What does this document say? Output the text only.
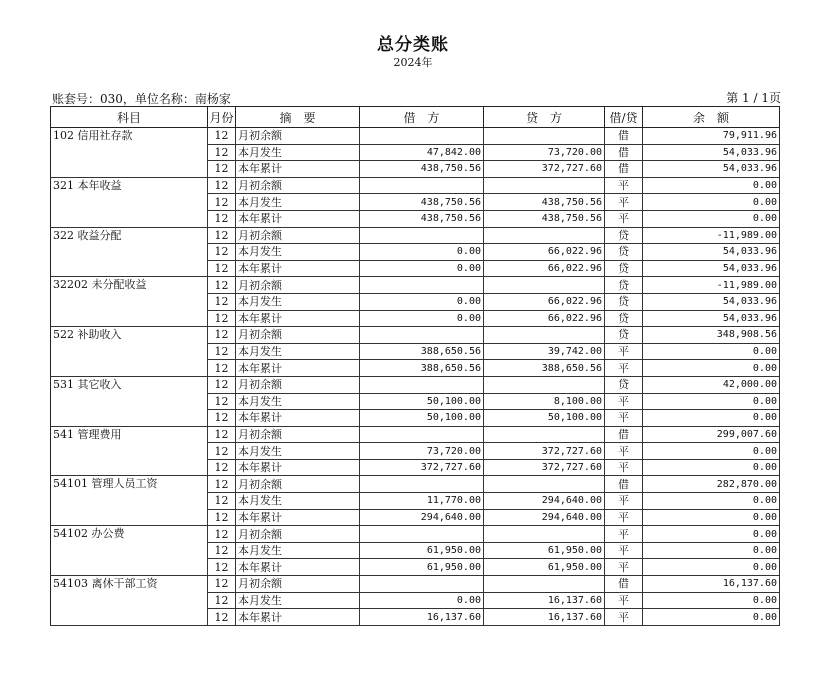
总分类账
2024年
账套号：030，单位名称：南杨家	第 1 / 1页
科目	月份	摘　要	借　方	贷　方	借/贷	余　额
102 信用社存款	12	月初余额			借	79,911.96
	12	本月发生	47,842.00	73,720.00	借	54,033.96
	12	本年累计	438,750.56	372,727.60	借	54,033.96
321 本年收益	12	月初余额			平	0.00
	12	本月发生	438,750.56	438,750.56	平	0.00
	12	本年累计	438,750.56	438,750.56	平	0.00
322 收益分配	12	月初余额			贷	-11,989.00
	12	本月发生	0.00	66,022.96	贷	54,033.96
	12	本年累计	0.00	66,022.96	贷	54,033.96
32202 未分配收益	12	月初余额			贷	-11,989.00
	12	本月发生	0.00	66,022.96	贷	54,033.96
	12	本年累计	0.00	66,022.96	贷	54,033.96
522 补助收入	12	月初余额			贷	348,908.56
	12	本月发生	388,650.56	39,742.00	平	0.00
	12	本年累计	388,650.56	388,650.56	平	0.00
531 其它收入	12	月初余额			贷	42,000.00
	12	本月发生	50,100.00	8,100.00	平	0.00
	12	本年累计	50,100.00	50,100.00	平	0.00
541 管理费用	12	月初余额			借	299,007.60
	12	本月发生	73,720.00	372,727.60	平	0.00
	12	本年累计	372,727.60	372,727.60	平	0.00
54101 管理人员工资	12	月初余额			借	282,870.00
	12	本月发生	11,770.00	294,640.00	平	0.00
	12	本年累计	294,640.00	294,640.00	平	0.00
54102 办公费	12	月初余额			平	0.00
	12	本月发生	61,950.00	61,950.00	平	0.00
	12	本年累计	61,950.00	61,950.00	平	0.00
54103 离休干部工资	12	月初余额			借	16,137.60
	12	本月发生	0.00	16,137.60	平	0.00
	12	本年累计	16,137.60	16,137.60	平	0.00
